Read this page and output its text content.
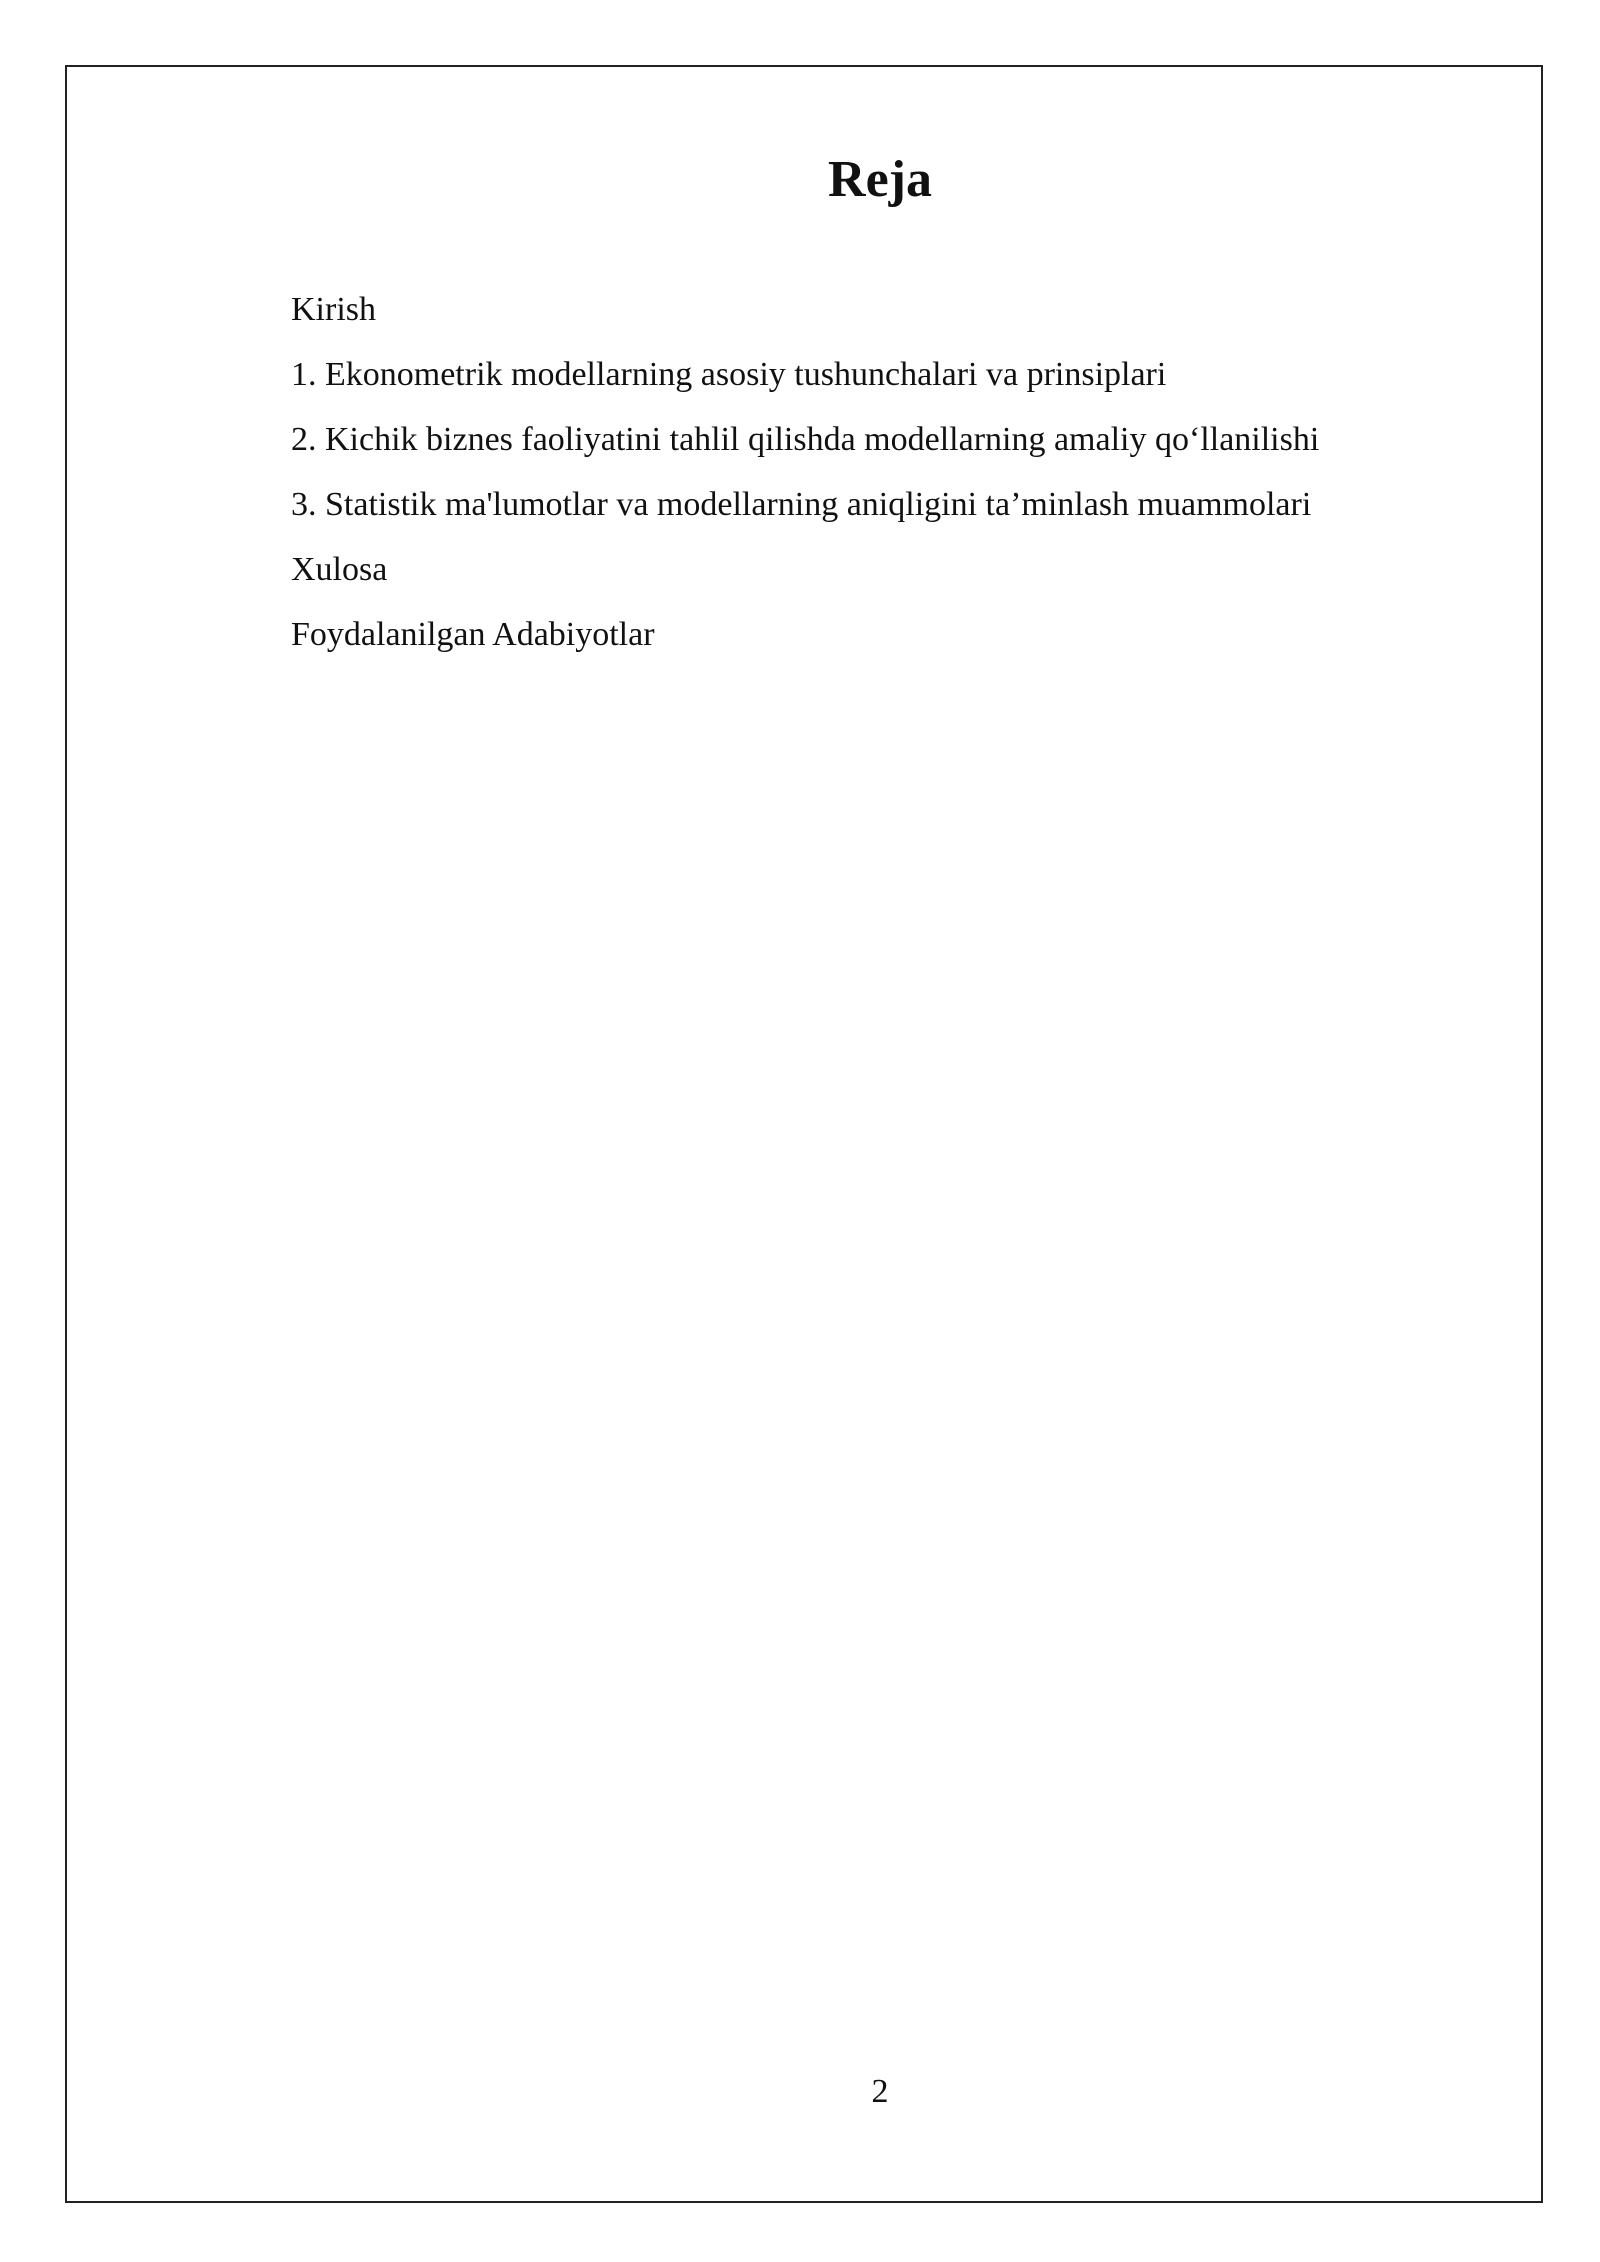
Reja
Kirish
1. Ekonometrik modellarning asosiy tushunchalari va prinsiplari
2. Kichik biznes faoliyatini tahlil qilishda modellarning amaliy qo‘llanilishi
3. Statistik ma'lumotlar va modellarning aniqligini ta’minlash muammolari
Xulosa
Foydalanilgan Adabiyotlar
2
